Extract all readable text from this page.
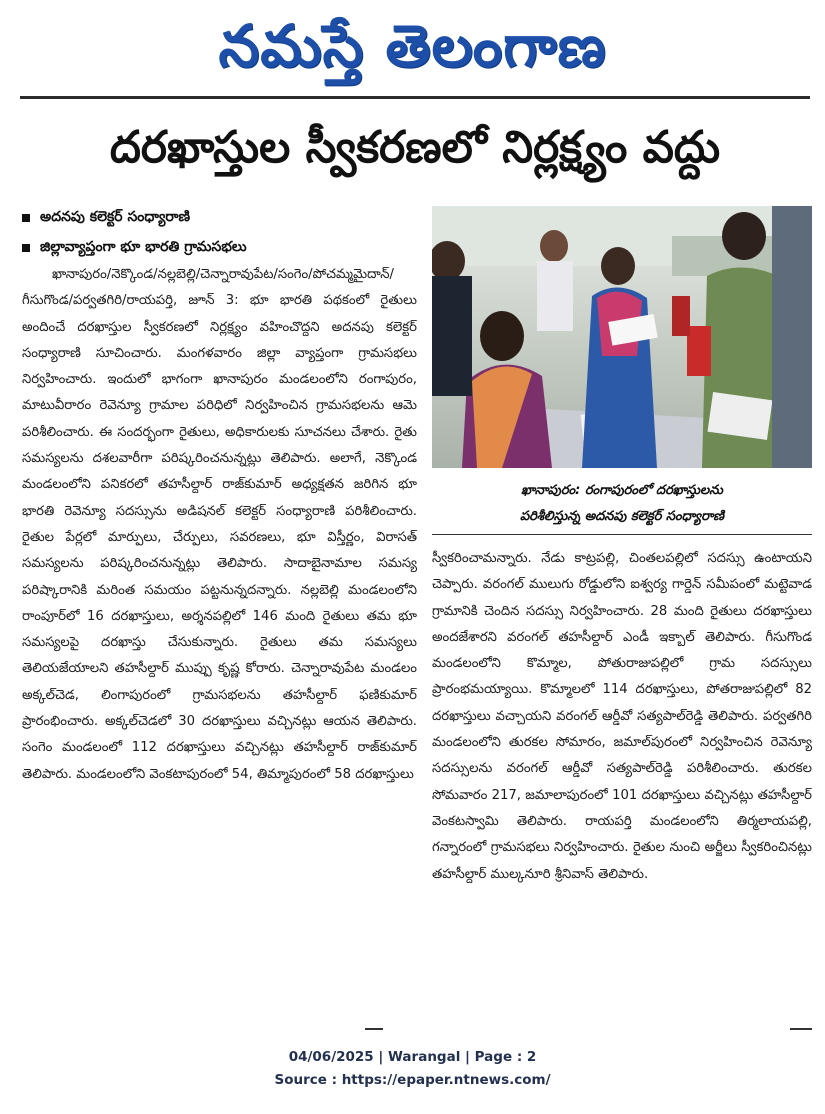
నమస్తే తెలంగాణ
దరఖాస్తుల స్వీకరణలో నిర్లక్ష్యం వద్దు
అదనపు కలెక్టర్ సంధ్యారాణి
జిల్లావ్యాప్తంగా భూ భారతి గ్రామసభలు
ఖానాపురం/నెక్కొండ/నల్లబెల్లి/చెన్నారావుపేట/సంగెం/పోచమ్మమైదాన్/గీసుగొండ/పర్వతగిరి/రాయపర్తి, జూన్ 3: భూ భారతి పథకంలో రైతులు అందించే దరఖాస్తుల స్వీకరణలో నిర్లక్ష్యం వహించొద్దని అదనపు కలెక్టర్ సంధ్యారాణి సూచించారు. మంగళవారం జిల్లా వ్యాప్తంగా గ్రామసభలు నిర్వహించారు. ఇందులో భాగంగా ఖానాపురం మండలంలోని రంగాపురం, మాటువీరారం రెవెన్యూ గ్రామాల పరిధిలో నిర్వహించిన గ్రామసభలను ఆమె పరిశీలించారు. ఈ సందర్భంగా రైతులు, అధికారులకు సూచనలు చేశారు. రైతు సమస్యలను దశలవారీగా పరిష్కరించనున్నట్లు తెలిపారు. అలాగే, నెక్కొండ మండలంలోని పనికరలో తహసీల్దార్ రాజ్‌కుమార్ అధ్యక్షతన జరిగిన భూ భారతి రెవెన్యూ సదస్సును అడిషనల్ కలెక్టర్ సంధ్యారాణి పరిశీలించారు. రైతుల పేర్లలో మార్పులు, చేర్పులు, సవరణలు, భూ విస్తీర్ణం, విరాసత్ సమస్యలను పరిష్కరించనున్నట్లు తెలిపారు. సాదాబైనామాల సమస్య పరిష్కారానికి మరింత సమయం పట్టనున్నదన్నారు. నల్లబెల్లి మండలంలోని రాంపూర్‌లో 16 దరఖాస్తులు, అర్శనపల్లిలో 146 మంది రైతులు తమ భూ సమస్యలపై దరఖాస్తు చేసుకున్నారు. రైతులు తమ సమస్యలు తెలియజేయాలని తహసీల్దార్ ముప్పు కృష్ణ కోరారు. చెన్నారావుపేట మండలం అక్కల్‌చెడ, లింగాపురంలో గ్రామసభలను తహసీల్దార్ ఫణికుమార్ ప్రారంభించారు. అక్కల్‌చెడలో 30 దరఖాస్తులు వచ్చినట్లు ఆయన తెలిపారు. సంగెం మండలంలో 112 దరఖాస్తులు వచ్చినట్లు తహసీల్దార్ రాజ్‌కుమార్ తెలిపారు. మండలంలోని వెంకటాపురంలో 54, తిమ్మాపురంలో 58 దరఖాస్తులు
ఖానాపురం: రంగాపురంలో దరఖాస్తులను
పరిశీలిస్తున్న అదనపు కలెక్టర్ సంధ్యారాణి
స్వీకరించామన్నారు. నేడు కాట్రపల్లి, చింతలపల్లిలో సదస్సు ఉంటాయని చెప్పారు. వరంగల్ ములుగు రోడ్డులోని ఐశ్వర్య గార్డెన్ సమీపంలో మట్టెవాడ గ్రామానికి చెందిన సదస్సు నిర్వహించారు. 28 మంది రైతులు దరఖాస్తులు అందజేశారని వరంగల్ తహసీల్దార్ ఎండీ ఇక్బాల్ తెలిపారు. గీసుగొండ మండలంలోని కొమ్మాల, పోతురాజుపల్లిలో గ్రామ సదస్సులు ప్రారంభమయ్యాయి. కొమ్మాలలో 114 దరఖాస్తులు, పోతరాజుపల్లిలో 82 దరఖాస్తులు వచ్చాయని వరంగల్ ఆర్డీవో సత్యపాల్‌రెడ్డి తెలిపారు. పర్వతగిరి మండలంలోని తురకల సోమారం, జమాల్‌పురంలో నిర్వహించిన రెవెన్యూ సదస్సులను వరంగల్ ఆర్డీవో సత్యపాల్‌రెడ్డి పరిశీలించారు. తురకల సోమవారం 217, జమాలాపురంలో 101 దరఖాస్తులు వచ్చినట్లు తహసీల్దార్ వెంకటస్వామి తెలిపారు. రాయపర్తి మండలంలోని తిర్మలాయపల్లి, గన్నారంలో గ్రామసభలు నిర్వహించారు. రైతుల నుంచి అర్జీలు స్వీకరించినట్లు తహసీల్దార్ ముల్కనూరి శ్రీనివాస్ తెలిపారు.
04/06/2025 | Warangal | Page : 2
Source : https://epaper.ntnews.com/
